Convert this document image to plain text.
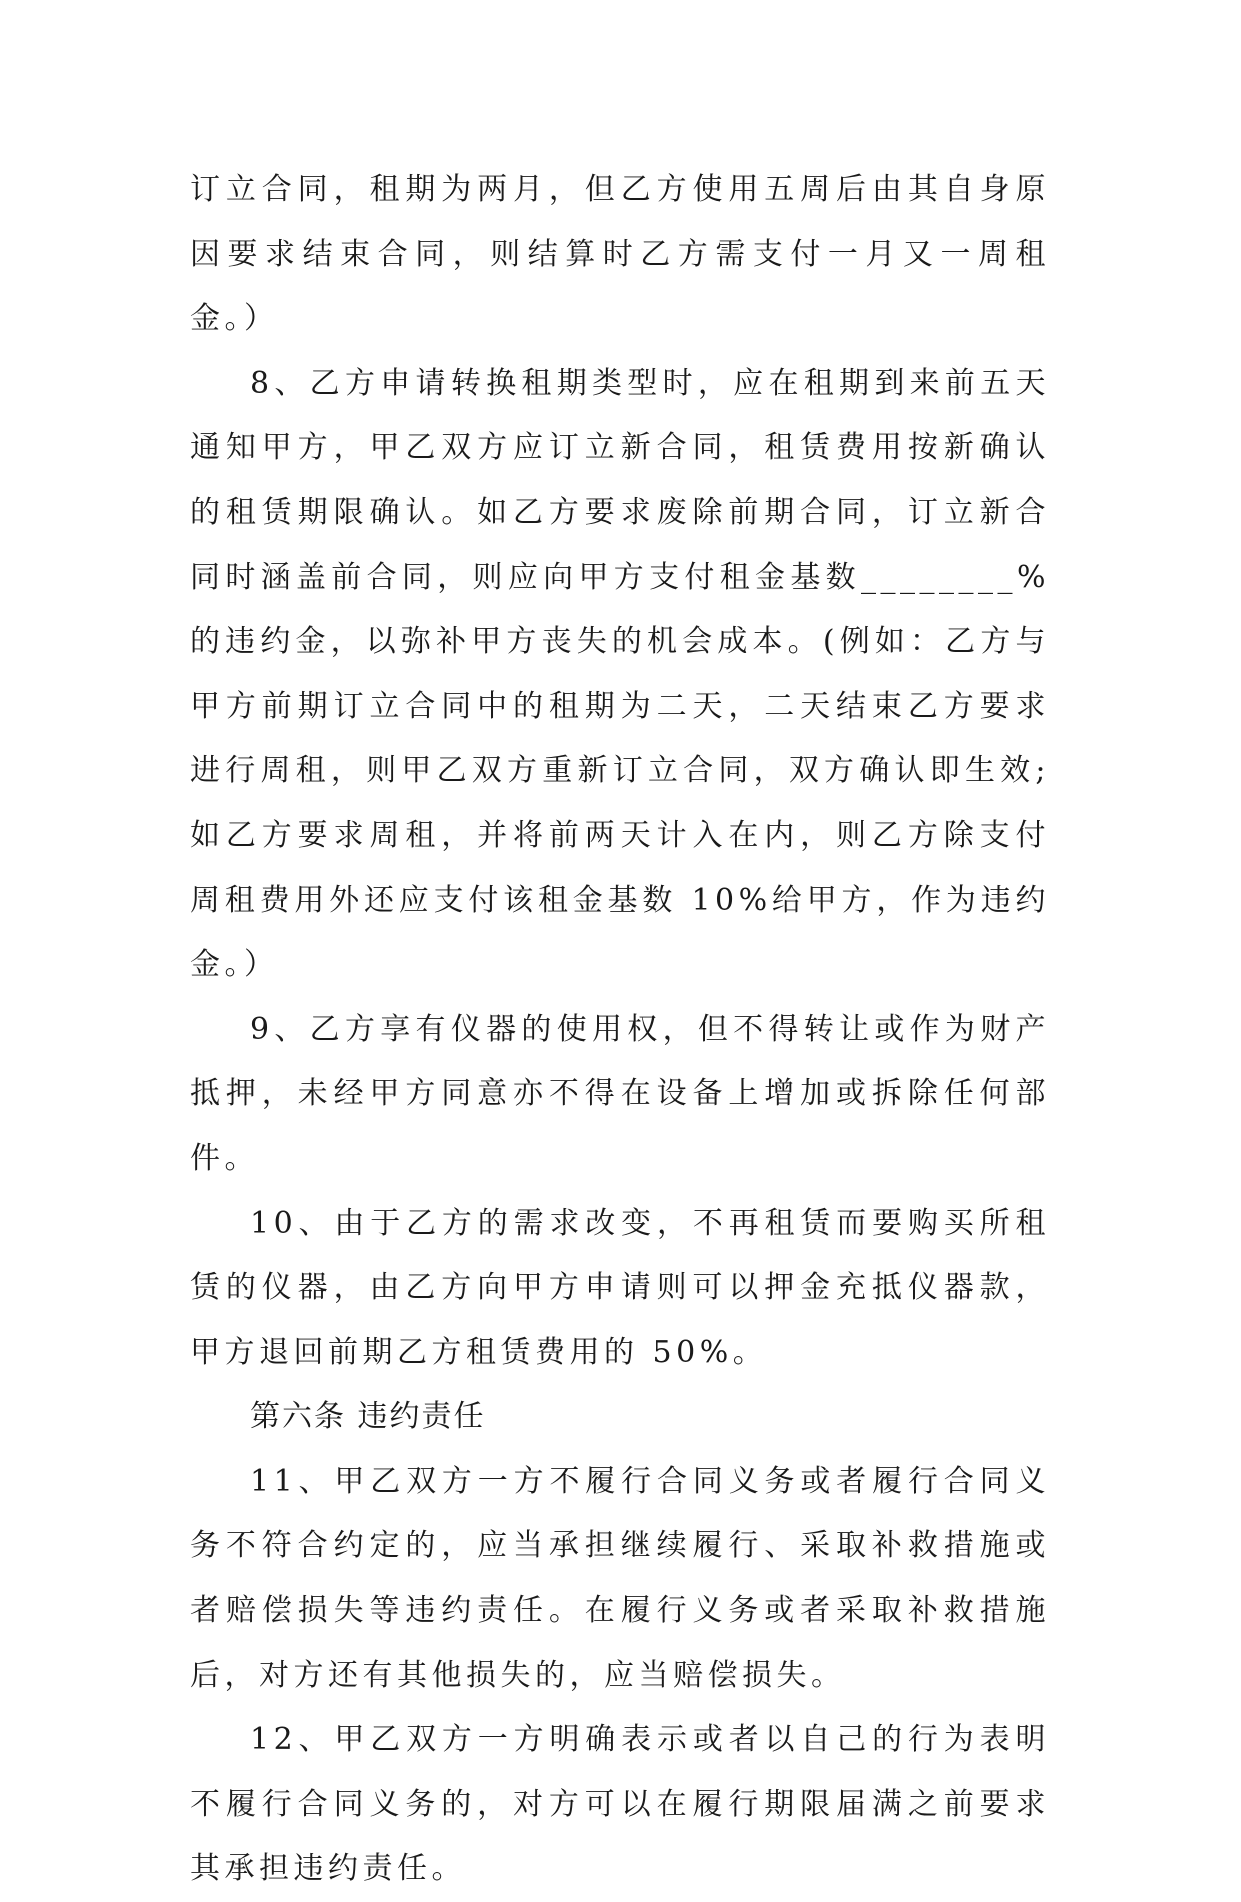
订立合同，租期为两月，但乙方使用五周后由其自身原因要求结束合同，则结算时乙方需支付一月又一周租金。）

8、乙方申请转换租期类型时，应在租期到来前五天通知甲方，甲乙双方应订立新合同，租赁费用按新确认的租赁期限确认。如乙方要求废除前期合同，订立新合同时涵盖前合同，则应向甲方支付租金基数________%的违约金，以弥补甲方丧失的机会成本。(例如：乙方与甲方前期订立合同中的租期为二天，二天结束乙方要求进行周租，则甲乙双方重新订立合同，双方确认即生效;如乙方要求周租，并将前两天计入在内，则乙方除支付周租费用外还应支付该租金基数 10%给甲方，作为违约金。）

9、乙方享有仪器的使用权，但不得转让或作为财产抵押，未经甲方同意亦不得在设备上增加或拆除任何部件。

10、由于乙方的需求改变，不再租赁而要购买所租赁的仪器，由乙方向甲方申请则可以押金充抵仪器款，甲方退回前期乙方租赁费用的 50%。

第六条 违约责任

11、甲乙双方一方不履行合同义务或者履行合同义务不符合约定的，应当承担继续履行、采取补救措施或者赔偿损失等违约责任。在履行义务或者采取补救措施后，对方还有其他损失的，应当赔偿损失。

12、甲乙双方一方明确表示或者以自己的行为表明不履行合同义务的，对方可以在履行期限届满之前要求其承担违约责任。
